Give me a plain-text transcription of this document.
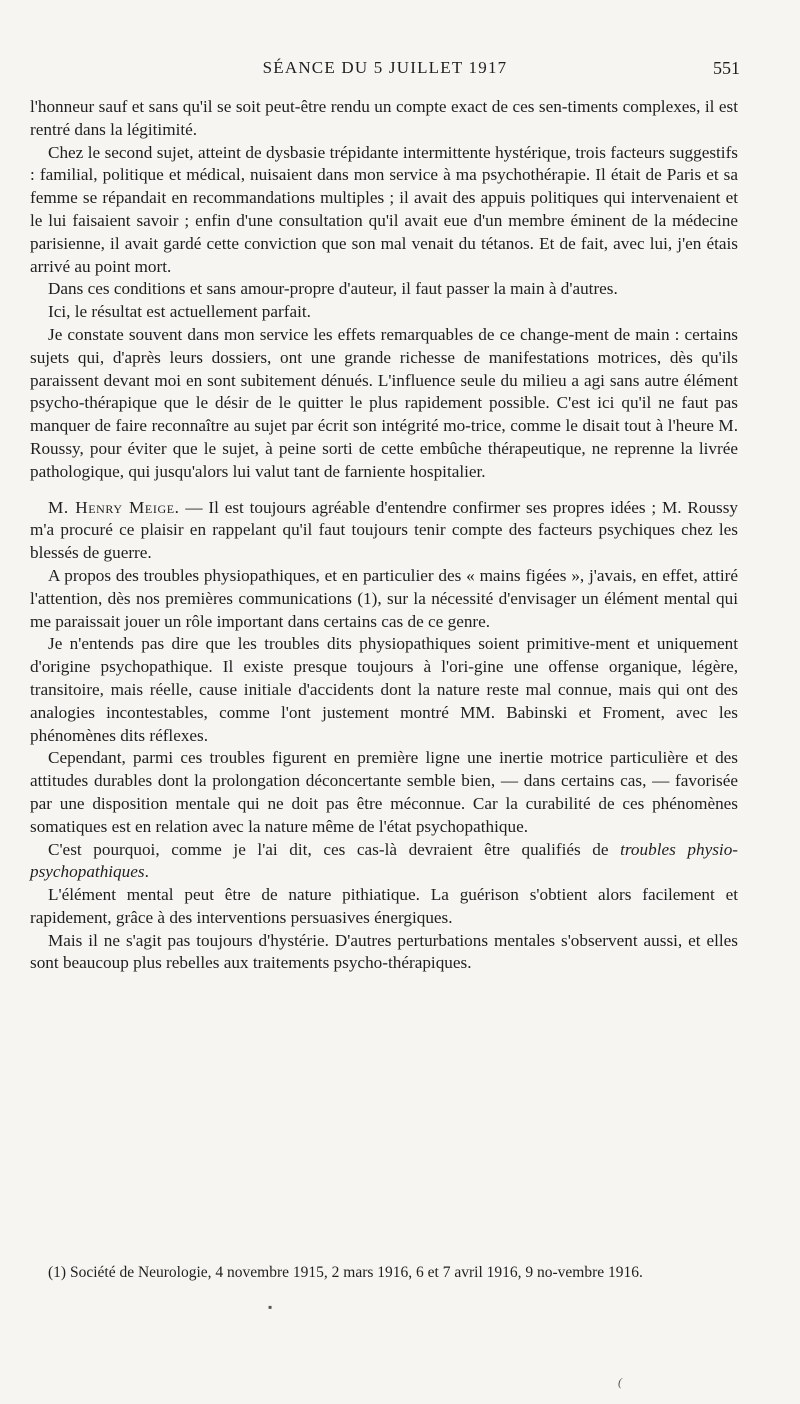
SÉANCE DU 5 JUILLET 1917	551

l'honneur sauf et sans qu'il se soit peut-être rendu un compte exact de ces sen-timents complexes, il est rentré dans la légitimité.

Chez le second sujet, atteint de dysbasie trépidante intermittente hystérique, trois facteurs suggestifs : familial, politique et médical, nuisaient dans mon service à ma psychothérapie. Il était de Paris et sa femme se répandait en recommandations multiples ; il avait des appuis politiques qui intervenaient et le lui faisaient savoir ; enfin d'une consultation qu'il avait eue d'un membre éminent de la médecine parisienne, il avait gardé cette conviction que son mal venait du tétanos. Et de fait, avec lui, j'en étais arrivé au point mort.

Dans ces conditions et sans amour-propre d'auteur, il faut passer la main à d'autres.

Ici, le résultat est actuellement parfait.

Je constate souvent dans mon service les effets remarquables de ce change-ment de main : certains sujets qui, d'après leurs dossiers, ont une grande richesse de manifestations motrices, dès qu'ils paraissent devant moi en sont subitement dénués. L'influence seule du milieu a agi sans autre élément psycho-thérapique que le désir de le quitter le plus rapidement possible. C'est ici qu'il ne faut pas manquer de faire reconnaître au sujet par écrit son intégrité mo-trice, comme le disait tout à l'heure M. Roussy, pour éviter que le sujet, à peine sorti de cette embûche thérapeutique, ne reprenne la livrée pathologique, qui jusqu'alors lui valut tant de farniente hospitalier.

M. Henry Meige. — Il est toujours agréable d'entendre confirmer ses propres idées ; M. Roussy m'a procuré ce plaisir en rappelant qu'il faut toujours tenir compte des facteurs psychiques chez les blessés de guerre.

A propos des troubles physiopathiques, et en particulier des « mains figées », j'avais, en effet, attiré l'attention, dès nos premières communications (1), sur la nécessité d'envisager un élément mental qui me paraissait jouer un rôle important dans certains cas de ce genre.

Je n'entends pas dire que les troubles dits physiopathiques soient primitive-ment et uniquement d'origine psychopathique. Il existe presque toujours à l'ori-gine une offense organique, légère, transitoire, mais réelle, cause initiale d'accidents dont la nature reste mal connue, mais qui ont des analogies incontestables, comme l'ont justement montré MM. Babinski et Froment, avec les phénomènes dits réflexes.

Cependant, parmi ces troubles figurent en première ligne une inertie motrice particulière et des attitudes durables dont la prolongation déconcertante semble bien, — dans certains cas, — favorisée par une disposition mentale qui ne doit pas être méconnue. Car la curabilité de ces phénomènes somatiques est en relation avec la nature même de l'état psychopathique.

C'est pourquoi, comme je l'ai dit, ces cas-là devraient être qualifiés de troubles physio-psychopathiques.

L'élément mental peut être de nature pithiatique. La guérison s'obtient alors facilement et rapidement, grâce à des interventions persuasives énergiques.

Mais il ne s'agit pas toujours d'hystérie. D'autres perturbations mentales s'observent aussi, et elles sont beaucoup plus rebelles aux traitements psycho-thérapiques.

(1) Société de Neurologie, 4 novembre 1915, 2 mars 1916, 6 et 7 avril 1916, 9 no-vembre 1916.

▪
(
